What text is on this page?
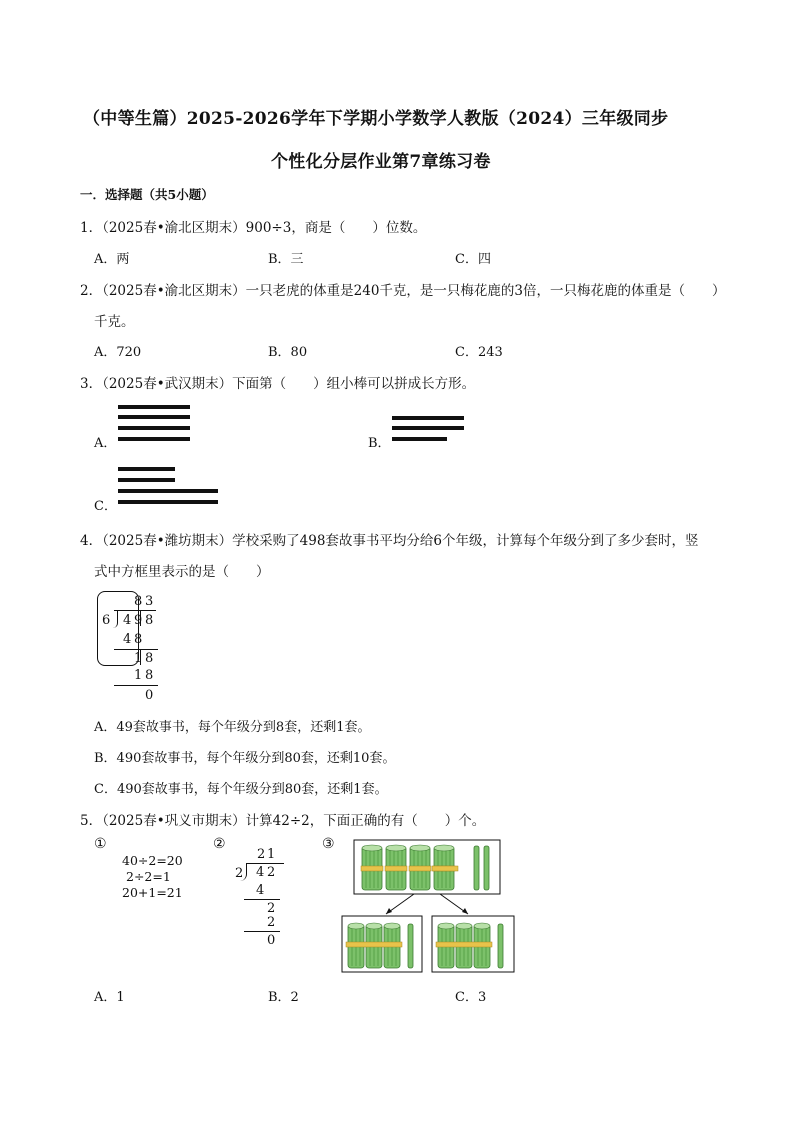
（中等生篇）2025-2026学年下学期小学数学人教版（2024）三年级同步
个性化分层作业第7章练习卷
一．选择题（共5小题）
1．（2025春•渝北区期末）900÷3，商是（　　）位数。
A．两	B．三	C．四
2．（2025春•渝北区期末）一只老虎的体重是240千克，是一只梅花鹿的3倍，一只梅花鹿的体重是（　　）
千克。
A．720	B．80	C．243
3．（2025春•武汉期末）下面第（　　）组小棒可以拼成长方形。
A．	B．
C．
4．（2025春•潍坊期末）学校采购了498套故事书平均分给6个年级，计算每个年级分到了多少套时，竖
式中方框里表示的是（　　）
8 3
6 4 9 8
4 8
1 8
1 8
0
A．49套故事书，每个年级分到8套，还剩1套。
B．490套故事书，每个年级分到80套，还剩10套。
C．490套故事书，每个年级分到80套，还剩1套。
5．（2025春•巩义市期末）计算42÷2，下面正确的有（　　）个。
①
40÷2=20
2÷2=1
20+1=21
②
2 1
2 4 2
4
2
2
0
③
A．1	B．2	C．3
